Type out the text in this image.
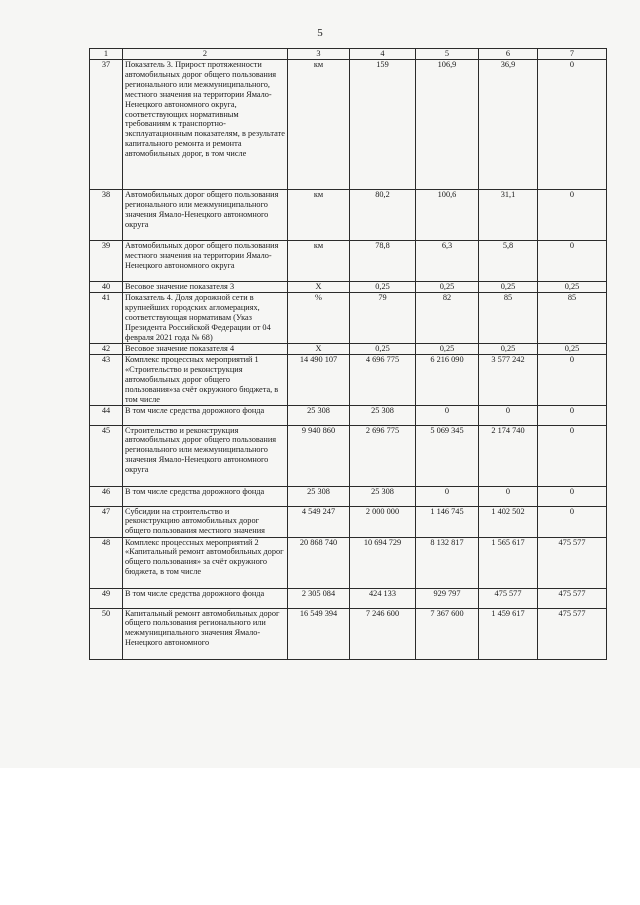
5
1	2	3	4	5	6	7
37	Показатель 3. Прирост протяженности автомобильных дорог общего пользования регионального или межмуниципального, местного значения на территории Ямало-Ненецкого автономного округа, соответствующих нормативным требованиям к транспортно-эксплуатационным показателям, в результате капитального ремонта и ремонта автомобильных дорог, в том числе	км	159	106,9	36,9	0
38	Автомобильных дорог общего пользования регионального или межмуниципального значения Ямало-Ненецкого автономного округа	км	80,2	100,6	31,1	0
39	Автомобильных дорог общего пользования местного значения на территории Ямало-Ненецкого автономного округа	км	78,8	6,3	5,8	0
40	Весовое значение показателя 3	Х	0,25	0,25	0,25	0,25
41	Показатель 4. Доля дорожной сети в крупнейших городских агломерациях, соответствующая нормативам (Указ Президента Российской Федерации от 04 февраля 2021 года № 68)	%	79	82	85	85
42	Весовое значение показателя 4	Х	0,25	0,25	0,25	0,25
43	Комплекс процессных мероприятий 1 «Строительство и реконструкция автомобильных дорог общего пользования»за счёт окружного бюджета, в том числе	14 490 107	4 696 775	6 216 090	3 577 242	0
44	В том числе средства дорожного фонда	25 308	25 308	0	0	0
45	Строительство и реконструкция автомобильных дорог общего пользования регионального или межмуниципального значения Ямало-Ненецкого автономного округа	9 940 860	2 696 775	5 069 345	2 174 740	0
46	В том числе средства дорожного фонда	25 308	25 308	0	0	0
47	Субсидии на строительство и реконструкцию автомобильных дорог общего пользования местного значения	4 549 247	2 000 000	1 146 745	1 402 502	0
48	Комплекс процессных мероприятий 2 «Капитальный ремонт автомобильных дорог общего пользования» за счёт окружного бюджета, в том числе	20 868 740	10 694 729	8 132 817	1 565 617	475 577
49	В том числе средства дорожного фонда	2 305 084	424 133	929 797	475 577	475 577
50	Капитальный ремонт автомобильных дорог общего пользования регионального или межмуниципального значения Ямало-Ненецкого автономного	16 549 394	7 246 600	7 367 600	1 459 617	475 577
